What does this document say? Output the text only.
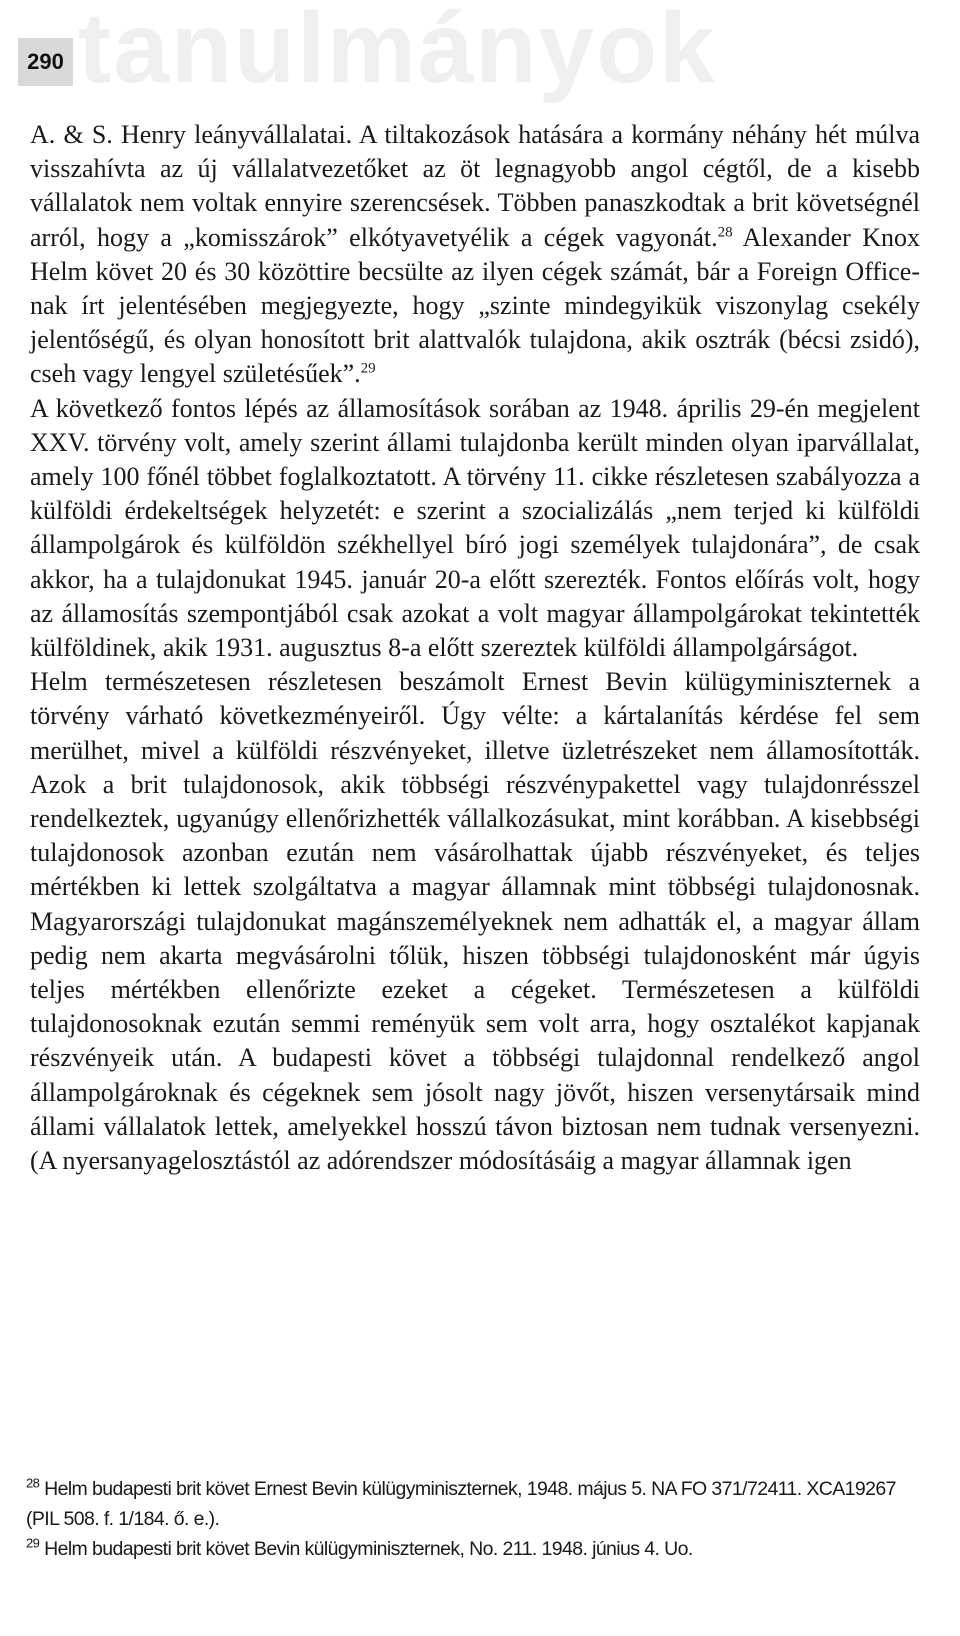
290 tanulmányok

A. & S. Henry leányvállalatai. A tiltakozások hatására a kormány néhány hét múlva visszahívta az új vállalatvezetőket az öt legnagyobb angol cégtől, de a kisebb vállalatok nem voltak ennyire szerencsések. Többen panaszkodtak a brit követségnél arról, hogy a „komisszárok” elkótyavetyélik a cégek vagyonát.$^{28}$ Alexander Knox Helm követ 20 és 30 közöttire becsülte az ilyen cégek számát, bár a Foreign Office-nak írt jelentésében megjegyezte, hogy „szinte mindegyikük viszonylag csekély jelentőségű, és olyan honosított brit alattvalók tulajdona, akik osztrák (bécsi zsidó), cseh vagy lengyel születésűek”.$^{29}$

A következő fontos lépés az államosítások sorában az 1948. április 29-én megjelent XXV. törvény volt, amely szerint állami tulajdonba került minden olyan iparvállalat, amely 100 főnél többet foglalkoztatott. A törvény 11. cikke részletesen szabályozza a külföldi érdekeltségek helyzetét: e szerint a szocializálás „nem terjed ki külföldi állampolgárok és külföldön székhellyel bíró jogi személyek tulajdonára”, de csak akkor, ha a tulajdonukat 1945. január 20-a előtt szerezték. Fontos előírás volt, hogy az államosítás szempontjából csak azokat a volt magyar állampolgárokat tekintették külföldinek, akik 1931. augusztus 8-a előtt szereztek külföldi állampolgárságot.

Helm természetesen részletesen beszámolt Ernest Bevin külügyminiszternek a törvény várható következményeiről. Úgy vélte: a kártalanítás kérdése fel sem merülhet, mivel a külföldi részvényeket, illetve üzletrészeket nem államosították. Azok a brit tulajdonosok, akik többségi részvénypakettel vagy tulajdonrésszel rendelkeztek, ugyanúgy ellenőrizhették vállalkozásukat, mint korábban. A kisebbségi tulajdonosok azonban ezután nem vásárolhattak újabb részvényeket, és teljes mértékben ki lettek szolgáltatva a magyar államnak mint többségi tulajdonosnak. Magyarországi tulajdonukat magánszemélyeknek nem adhatták el, a magyar állam pedig nem akarta megvásárolni tőlük, hiszen többségi tulajdonosként már úgyis teljes mértékben ellenőrizte ezeket a cégeket. Természetesen a külföldi tulajdonosoknak ezután semmi reményük sem volt arra, hogy osztalékot kapjanak részvényeik után. A budapesti követ a többségi tulajdonnal rendelkező angol állampolgároknak és cégeknek sem jósolt nagy jövőt, hiszen versenytársaik mind állami vállalatok lettek, amelyekkel hosszú távon biztosan nem tudnak versenyezni. (A nyersanyagelosztástól az adórendszer módosításáig a magyar államnak igen

$^{28}$ Helm budapesti brit követ Ernest Bevin külügyminiszternek, 1948. május 5. NA FO 371/72411. XCA19267 (PIL 508. f. 1/184. ő. e.).

$^{29}$ Helm budapesti brit követ Bevin külügyminiszternek, No. 211. 1948. június 4. Uo.
